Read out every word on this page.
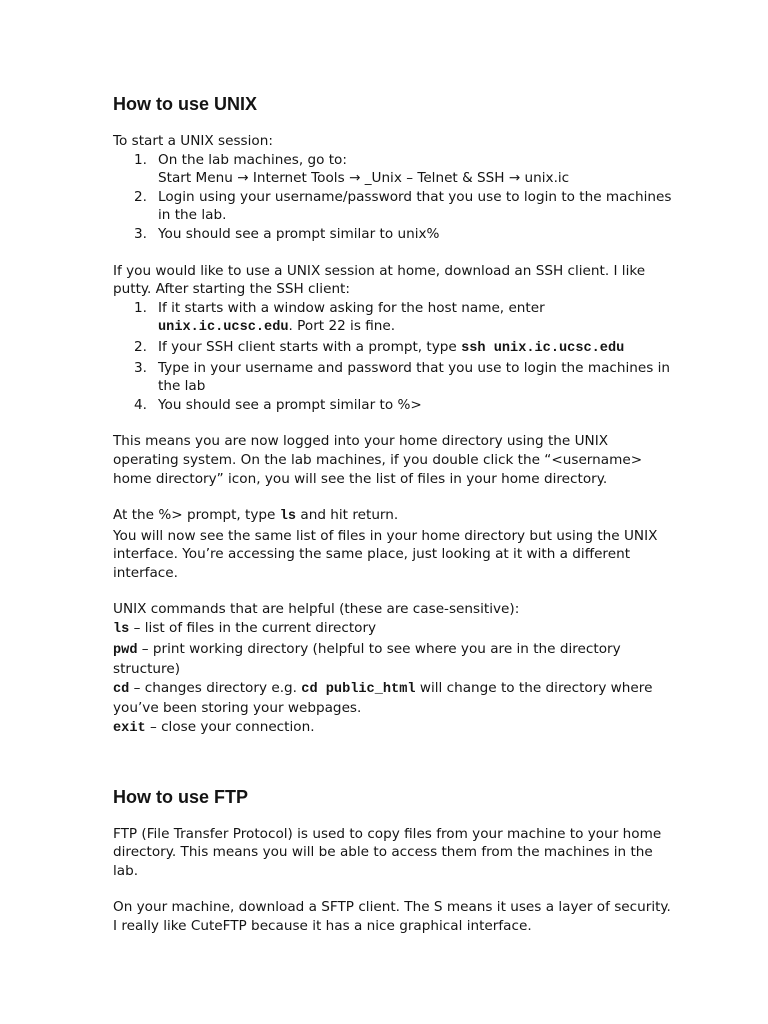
How to use UNIX

To start a UNIX session:

1. On the lab machines, go to:
Start Menu → Internet Tools → _Unix – Telnet & SSH → unix.ic
2. Login using your username/password that you use to login to the machines in the lab.
3. You should see a prompt similar to unix%

If you would like to use a UNIX session at home, download an SSH client. I like putty. After starting the SSH client:

1. If it starts with a window asking for the host name, enter unix.ic.ucsc.edu. Port 22 is fine.
2. If your SSH client starts with a prompt, type ssh unix.ic.ucsc.edu
3. Type in your username and password that you use to login the machines in the lab
4. You should see a prompt similar to %>

This means you are now logged into your home directory using the UNIX operating system. On the lab machines, if you double click the “<username> home directory” icon, you will see the list of files in your home directory.

At the %> prompt, type ls and hit return.
You will now see the same list of files in your home directory but using the UNIX interface. You’re accessing the same place, just looking at it with a different interface.

UNIX commands that are helpful (these are case-sensitive):

ls – list of files in the current directory

pwd – print working directory (helpful to see where you are in the directory structure)

cd – changes directory e.g. cd public_html will change to the directory where you’ve been storing your webpages.

exit – close your connection.

How to use FTP

FTP (File Transfer Protocol) is used to copy files from your machine to your home directory. This means you will be able to access them from the machines in the lab.

On your machine, download a SFTP client. The S means it uses a layer of security. I really like CuteFTP because it has a nice graphical interface.
